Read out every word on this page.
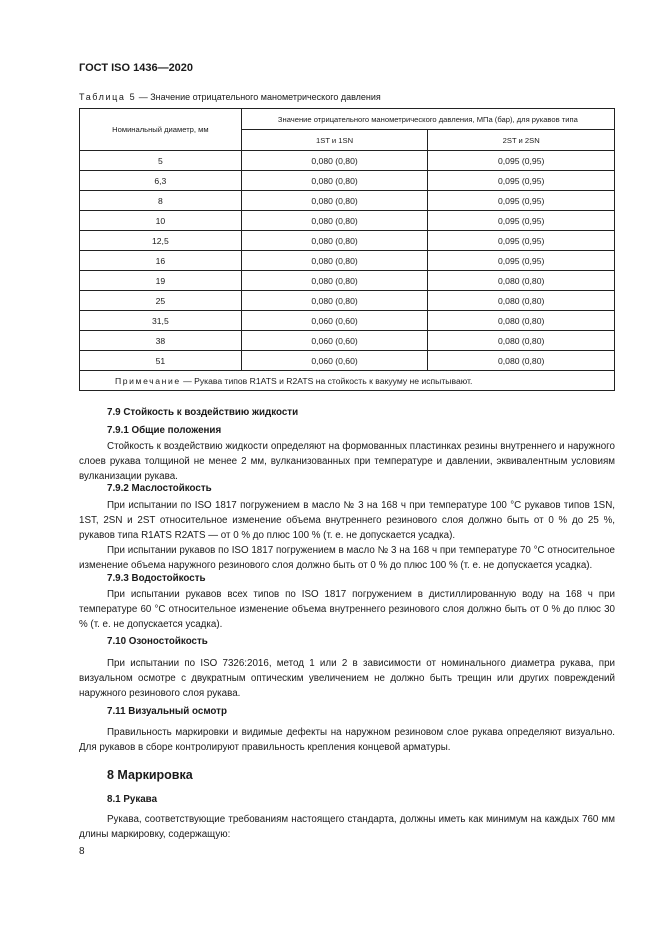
ГОСТ ISO 1436—2020
Таблица 5 — Значение отрицательного манометрического давления
Номинальный диаметр, мм	Значение отрицательного манометрического давления, МПа (бар), для рукавов типа	
	1ST и 1SN	2ST и 2SN
5	0,080 (0,80)	0,095 (0,95)
6,3	0,080 (0,80)	0,095 (0,95)
8	0,080 (0,80)	0,095 (0,95)
10	0,080 (0,80)	0,095 (0,95)
12,5	0,080 (0,80)	0,095 (0,95)
16	0,080 (0,80)	0,095 (0,95)
19	0,080 (0,80)	0,080 (0,80)
25	0,080 (0,80)	0,080 (0,80)
31,5	0,060 (0,60)	0,080 (0,80)
38	0,060 (0,60)	0,080 (0,80)
51	0,060 (0,60)	0,080 (0,80)
Примечание — Рукава типов R1ATS и R2ATS на стойкость к вакууму не испытывают.		
7.9 Стойкость к воздействию жидкости
7.9.1 Общие положения

Стойкость к воздействию жидкости определяют на формованных пластинках резины внутреннего и наружного слоев рукава толщиной не менее 2 мм, вулканизованных при температуре и давлении, эквивалентным условиям вулканизации рукава.

7.9.2 Маслостойкость

При испытании по ISO 1817 погружением в масло № 3 на 168 ч при температуре 100 °С рукавов типов 1SN, 1ST, 2SN и 2ST относительное изменение объема внутреннего резинового слоя должно быть от 0 % до 25 %, рукавов типа R1ATS R2ATS — от 0 % до плюс 100 % (т. е. не допускается усадка).

При испытании рукавов по ISO 1817 погружением в масло № 3 на 168 ч при температуре 70 °С относительное изменение объема наружного резинового слоя должно быть от 0 % до плюс 100 % (т. е. не допускается усадка).

7.9.3 Водостойкость

При испытании рукавов всех типов по ISO 1817 погружением в дистиллированную воду на 168 ч при температуре 60 °С относительное изменение объема внутреннего резинового слоя должно быть от 0 % до плюс 30 % (т. е. не допускается усадка).

7.10 Озоностойкость

При испытании по ISO 7326:2016, метод 1 или 2 в зависимости от номинального диаметра рукава, при визуальном осмотре с двукратным оптическим увеличением не должно быть трещин или других повреждений наружного резинового слоя рукава.

7.11 Визуальный осмотр

Правильность маркировки и видимые дефекты на наружном резиновом слое рукава определяют визуально. Для рукавов в сборе контролируют правильность крепления концевой арматуры.

8 Маркировка
8.1 Рукава

Рукава, соответствующие требованиям настоящего стандарта, должны иметь как минимум на каждых 760 мм длины маркировку, содержащую:

8
